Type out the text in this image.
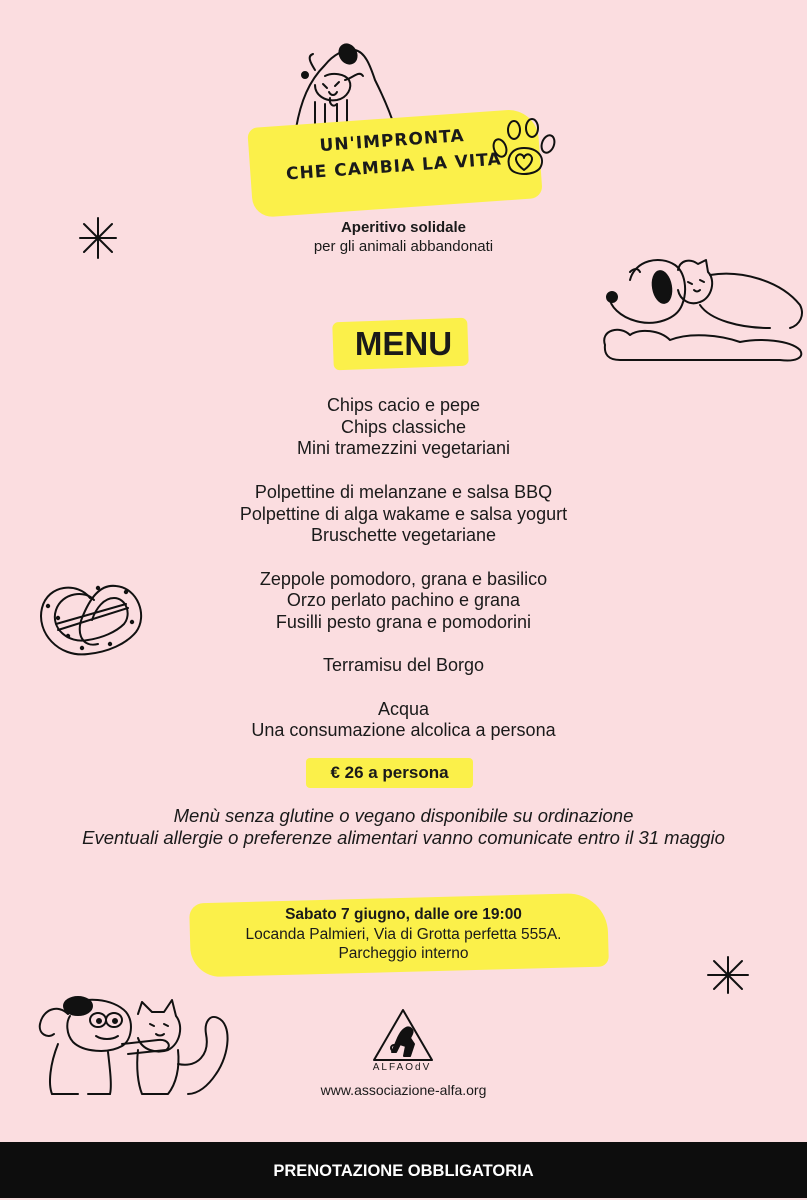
UN'IMPRONTA
CHE CAMBIA LA VITA
Aperitivo solidale
per gli animali abbandonati
MENU
Chips cacio e pepe
Chips classiche
Mini tramezzini vegetariani
Polpettine di melanzane e salsa BBQ
Polpettine di alga wakame e salsa yogurt
Bruschette vegetariane
Zeppole pomodoro, grana e basilico
Orzo perlato pachino e grana
Fusilli pesto grana e pomodorini
Terramisu del Borgo
Acqua
Una consumazione alcolica a persona
€ 26 a persona
Menù senza glutine o vegano disponibile su ordinazione
Eventuali allergie o preferenze alimentari vanno comunicate entro il 31 maggio
Sabato 7 giugno, dalle ore 19:00
Locanda Palmieri, Via di Grotta perfetta 555A.
Parcheggio interno
ALFAOdV
www.associazione-alfa.org
PRENOTAZIONE OBBLIGATORIA
